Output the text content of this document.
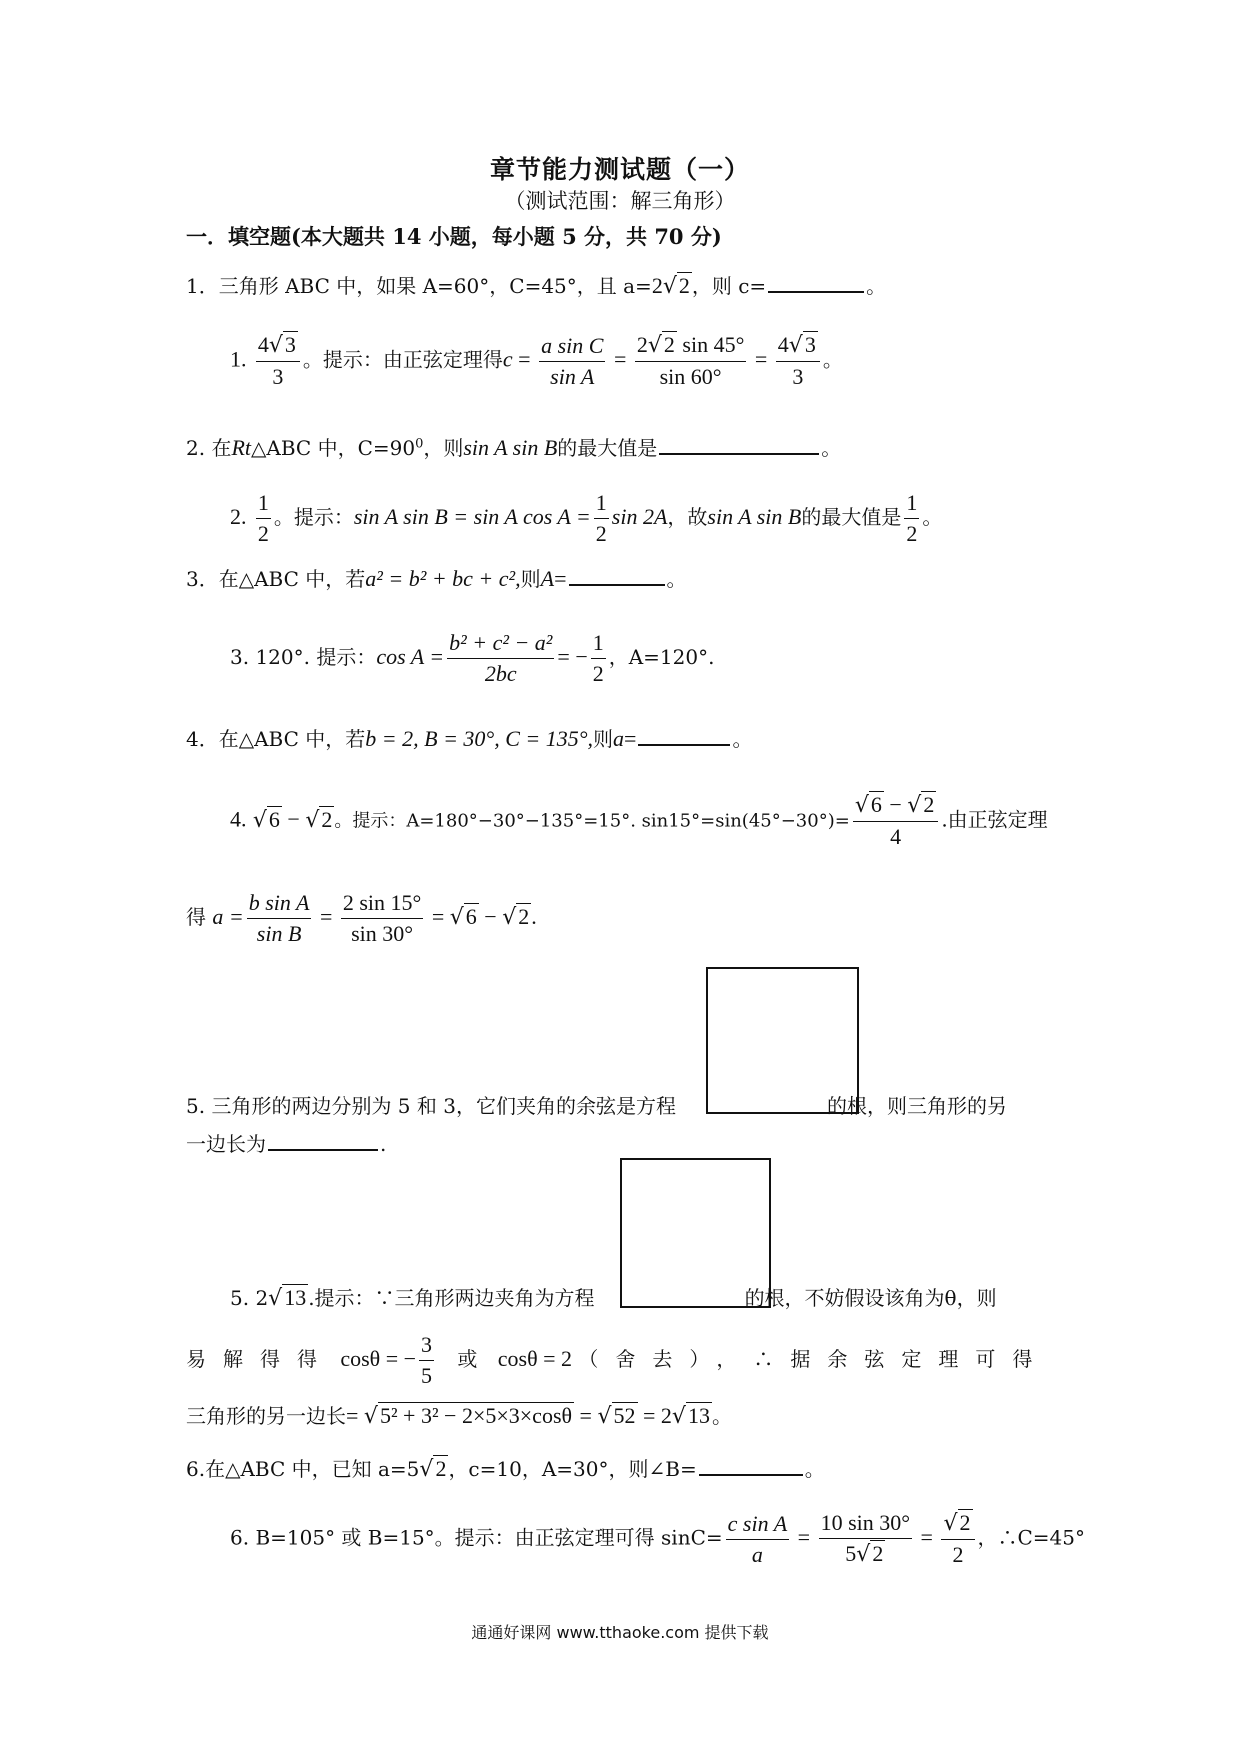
章节能力测试题（一）
（测试范围：解三角形）
一．填空题(本大题共 14 小题，每小题 5 分，共 70 分)
1．三角形 ABC 中，如果 A=60°，C=45°，且 a=2√2 ，则 c=	。
1. $\frac{4√3}{3}$ 。提示：由正弦定理得$c = \frac{\text{a sin C}}{\text{sin A}} = \frac{2√2 \sin 45^\circ}{\sin 60^\circ} = \frac{4√3}{3}$ 。
2. 在Rt△ABC 中，$C=90^0$，则sin A sin B的最大值是	。
2. $\frac{1}{2}$ 。提示：sin A sin B = sin A $\cos A = \frac{1}{2}$ sin 2A，故sin A sin B的最大值是 $\frac{1}{2}$ 。
3．在△ABC 中，若a² = b² + bc + c²,则A=	。
3. 120°. 提示：$\cos A = \frac{\text{b² + c² − a²}}{2bc}$ = − $\frac{1}{2}$ ，A=120°.
4．在△ABC 中，若b = 2, B = 30°, C = 135°,则a=	。
4. √6 − √2 。提示：A=180°−30°−135°=15°. $\sin 15^\circ=\sin(45^\circ-30^\circ)= \frac{√6 - √2}{4}$ .由正弦定理
得 $a = \frac{\text{b sin A}}{\text{sin B}} = \frac{2 \sin 15^\circ}{\sin 30^\circ} = √6 - √2$.
5. 三角形的两边分别为 5 和 3，它们夹角的余弦是方程	的根，则三角形的另
一边长为	.
5. 2√13 .提示：∵三角形两边夹角为方程	的根，不妨假设该角为θ，则
易解得得 cosθ = − $\frac{3}{5}$ 或 cosθ = 2 （舍去），∴据余弦定理可得
三角形的另一边长= √5² + 3² − 2×5×3×cosθ = √52 = 2√13 。
6.在△ABC 中，已知 a=5√2 ，c=10，A=30°，则∠B=	。
6. B=105° 或 B=15°。提示：由正弦定理可得 $\sin C= \frac{\text{c sin A}}{a} = \frac{10 \sin 30^\circ}{5√2} = \frac{√2}{2}$ ，∴C=45°
通通好课网 www.tthaoke.com 提供下载
